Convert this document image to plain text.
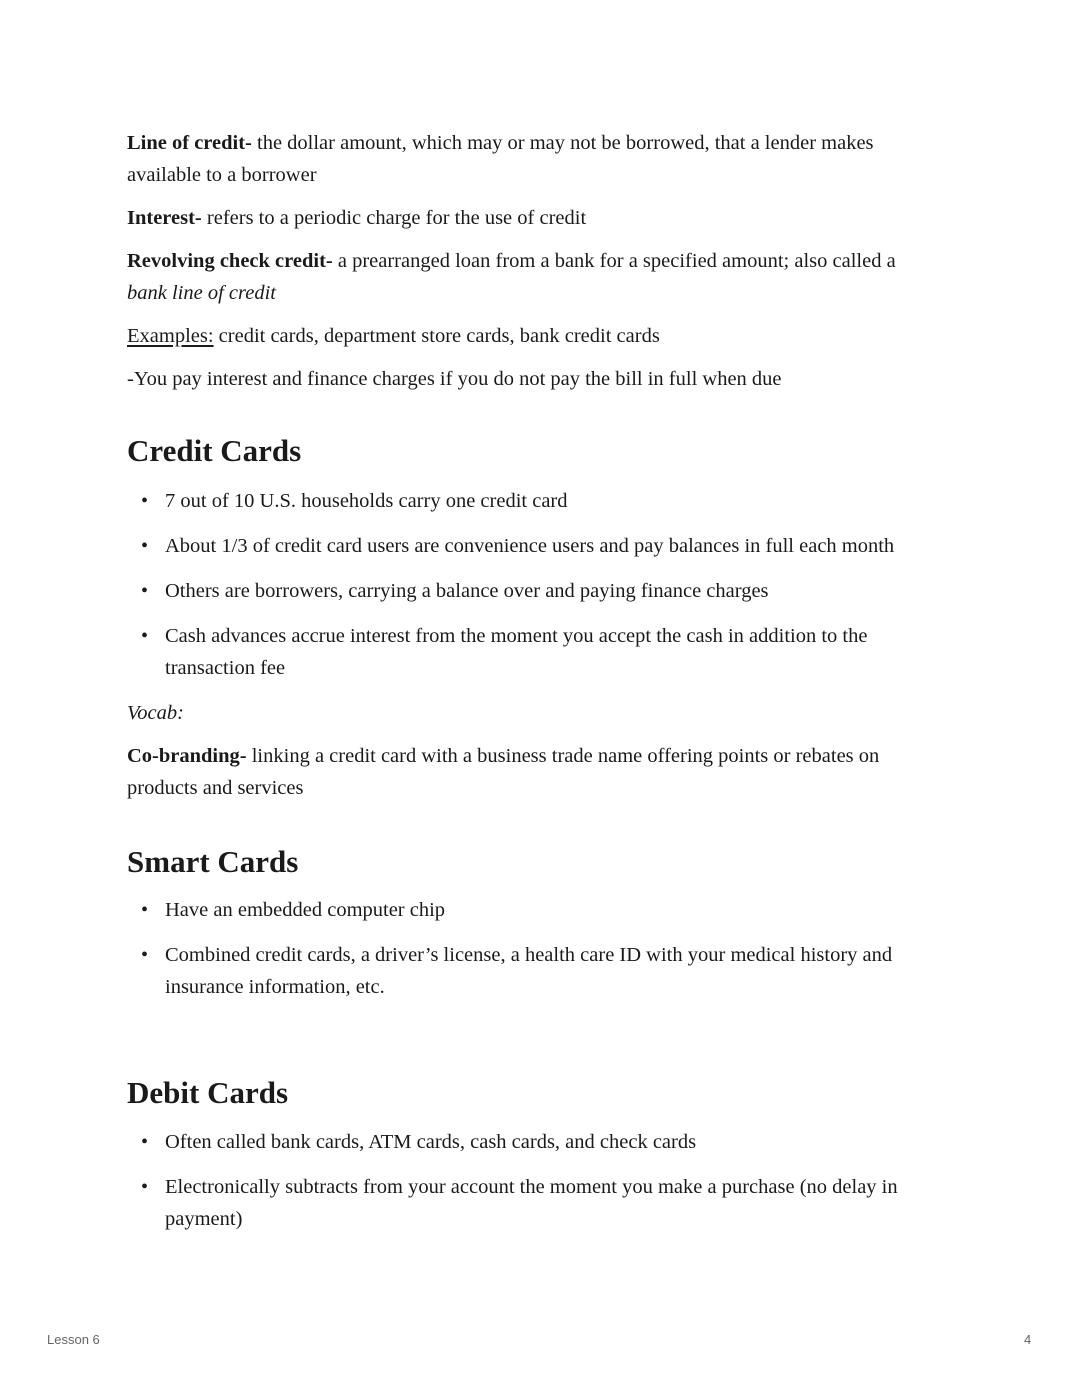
Line of credit- the dollar amount, which may or may not be borrowed, that a lender makes available to a borrower

Interest- refers to a periodic charge for the use of credit

Revolving check credit- a prearranged loan from a bank for a specified amount; also called a bank line of credit

Examples: credit cards, department store cards, bank credit cards

-You pay interest and finance charges if you do not pay the bill in full when due

Credit Cards
• 7 out of 10 U.S. households carry one credit card
• About 1/3 of credit card users are convenience users and pay balances in full each month
• Others are borrowers, carrying a balance over and paying finance charges
• Cash advances accrue interest from the moment you accept the cash in addition to the transaction fee

Vocab:

Co-branding- linking a credit card with a business trade name offering points or rebates on products and services

Smart Cards
• Have an embedded computer chip
• Combined credit cards, a driver’s license, a health care ID with your medical history and insurance information, etc.
Debit Cards
• Often called bank cards, ATM cards, cash cards, and check cards
• Electronically subtracts from your account the moment you make a purchase (no delay in payment)
Lesson 6	4
